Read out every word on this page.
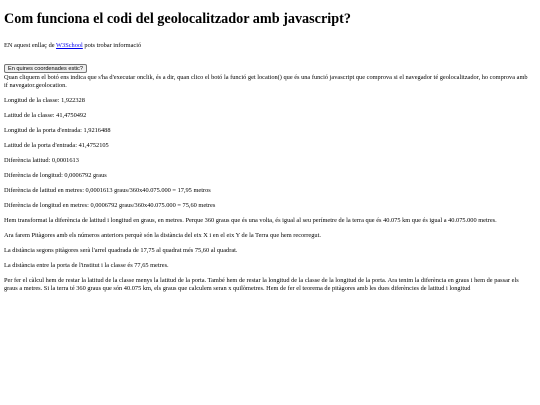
Com funciona el codi del geolocalitzador amb javascript?

EN aquest enllaç de W3School pots trobar informació

En quines coordenades estic?

Quan cliquem el botó ens indica que s'ha d'executar onclik, és a dir, quan clico el botó la funció get location() que és una funció javascript que comprova si el navegador té geolocalitzador, ho comprova amb if navegator.geolocation.

Longitud de la classe: 1,922328

Latitud de la classe: 41,4750492

Longitud de la porta d'entrada: 1,9216488

Latitud de la porta d'entrada: 41,4752105

Diferència latitud: 0,0001613

Diferència de longitud: 0,0006792 graus

Diferència de latitud en metres: 0,0001613 graus/360x40.075.000 = 17,95 metros

Diferència de longitud en metres: 0,0006792 graus/360x40.075.000 = 75,60 metres

Hem transformat la diferència de latitud i longitud en graus, en metres. Perque 360 graus que és una volta, és igual al seu perímetre de la terra que és 40.075 km que és igual a 40.075.000 metres.

Ara farem Pitàgores amb els números anteriors perquè són la distància del eix X i en el eix Y de la Terra que hem recorregut.

La distància segons pitàgores serà l'arrel quadrada de 17,75 al quadrat més 75,60 al quadrat.

La distància entre la porta de l'institut i la classe és 77,65 metres.

Per fer el càlcul hem de restar la latitud de la classe menys la latitud de la porta. També hem de restar la longitud de la classe de la longitud de la porta. Ara tenim la diferència en graus i hem de passar els graus a metres. Si la terra té 360 graus que són 40.075 km, els graus que calculem seran x quilòmetres. Hem de fer el teorema de pitàgores amb les dues diferències de latitud i longitud
